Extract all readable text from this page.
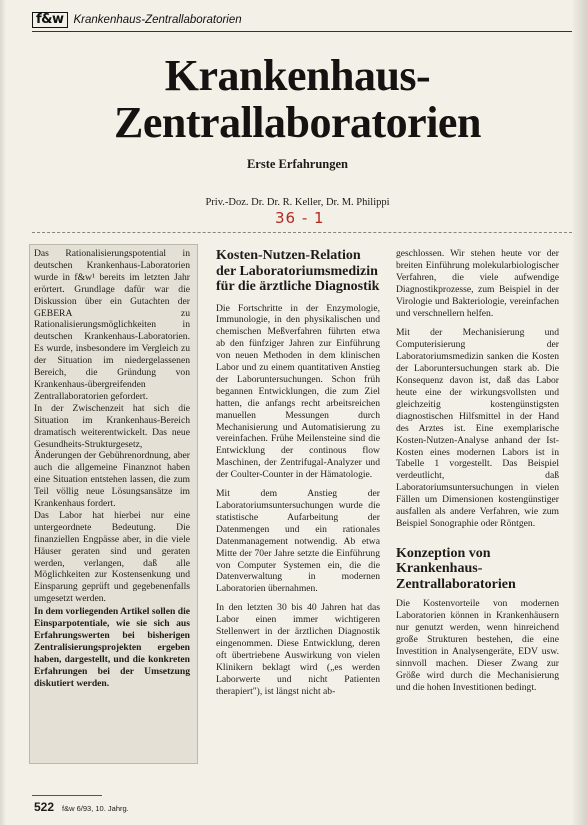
f&w Krankenhaus-Zentrallaboratorien
Krankenhaus-
Zentrallaboratorien
Erste Erfahrungen
Priv.-Doz. Dr. Dr. R. Keller, Dr. M. Philippi
36 - 1

Das Rationalisierungspotential in deutschen Krankenhaus-Laboratorien wurde in f&w¹ bereits im letzten Jahr erörtert. Grundlage dafür war die Diskussion über ein Gutachten der GEBERA zu Rationalisierungsmöglichkeiten in deutschen Krankenhaus-Laboratorien. Es wurde, insbesondere im Vergleich zu der Situation im niedergelassenen Bereich, die Gründung von Krankenhaus-übergreifenden Zentrallaboratorien gefordert.

In der Zwischenzeit hat sich die Situation im Krankenhaus-Bereich dramatisch weiterentwickelt. Das neue Gesundheits-Strukturgesetz, Änderungen der Gebührenordnung, aber auch die allgemeine Finanznot haben eine Situation entstehen lassen, die zum Teil völlig neue Lösungsansätze im Krankenhaus fordert.

Das Labor hat hierbei nur eine untergeordnete Bedeutung. Die finanziellen Engpässe aber, in die viele Häuser geraten sind und geraten werden, verlangen, daß alle Möglichkeiten zur Kostensenkung und Einsparung geprüft und gegebenenfalls umgesetzt werden.

In dem vorliegenden Artikel sollen die Einsparpotentiale, wie sie sich aus Erfahrungswerten bei bisherigen Zentralisierungsprojekten ergeben haben, dargestellt, und die konkreten Erfahrungen bei der Umsetzung diskutiert werden.

Kosten-Nutzen-Relation der Laboratoriumsmedizin für die ärztliche Diagnostik

Die Fortschritte in der Enzymologie, Immunologie, in den physikalischen und chemischen Meßverfahren führten etwa ab den fünfziger Jahren zur Einführung von neuen Methoden in dem klinischen Labor und zu einem quantitativen Anstieg der Laboruntersuchungen. Schon früh begannen Entwicklungen, die zum Ziel hatten, die anfangs recht arbeitsreichen manuellen Messungen durch Mechanisierung und Automatisierung zu vereinfachen. Frühe Meilensteine sind die Entwicklung der continous flow Maschinen, der Zentrifugal-Analyzer und der Coulter-Counter in der Hämatologie.

Mit dem Anstieg der Laboratoriumsuntersuchungen wurde die statistische Aufarbeitung der Datenmengen und ein rationales Datenmanagement notwendig. Ab etwa Mitte der 70er Jahre setzte die Einführung von Computer Systemen ein, die die Datenverwaltung in modernen Laboratorien übernahmen.

In den letzten 30 bis 40 Jahren hat das Labor einen immer wichtigeren Stellenwert in der ärztlichen Diagnostik eingenommen. Diese Entwicklung, deren oft übertriebene Auswirkung von vielen Klinikern beklagt wird („es werden Laborwerte und nicht Patienten therapiert"), ist längst nicht ab-

geschlossen. Wir stehen heute vor der breiten Einführung molekularbiologischer Verfahren, die viele aufwendige Diagnostikprozesse, zum Beispiel in der Virologie und Bakteriologie, vereinfachen und verschnellern helfen.

Mit der Mechanisierung und Computerisierung der Laboratoriumsmedizin sanken die Kosten der Laboruntersuchungen stark ab. Die Konsequenz davon ist, daß das Labor heute eine der wirkungsvollsten und gleichzeitig kostengünstigsten diagnostischen Hilfsmittel in der Hand des Arztes ist. Eine exemplarische Kosten-Nutzen-Analyse anhand der Ist-Kosten eines modernen Labors ist in Tabelle 1 vorgestellt. Das Beispiel verdeutlicht, daß Laboratoriumsuntersuchungen in vielen Fällen um Dimensionen kostengünstiger ausfallen als andere Verfahren, wie zum Beispiel Sonographie oder Röntgen.

Konzeption von Krankenhaus-Zentrallaboratorien

Die Kostenvorteile von modernen Laboratorien können in Krankenhäusern nur genutzt werden, wenn hinreichend große Strukturen bestehen, die eine Investition in Analysengeräte, EDV usw. sinnvoll machen. Dieser Zwang zur Größe wird durch die Mechanisierung und die hohen Investitionen bedingt.

522 f&w 6/93, 10. Jahrg.
